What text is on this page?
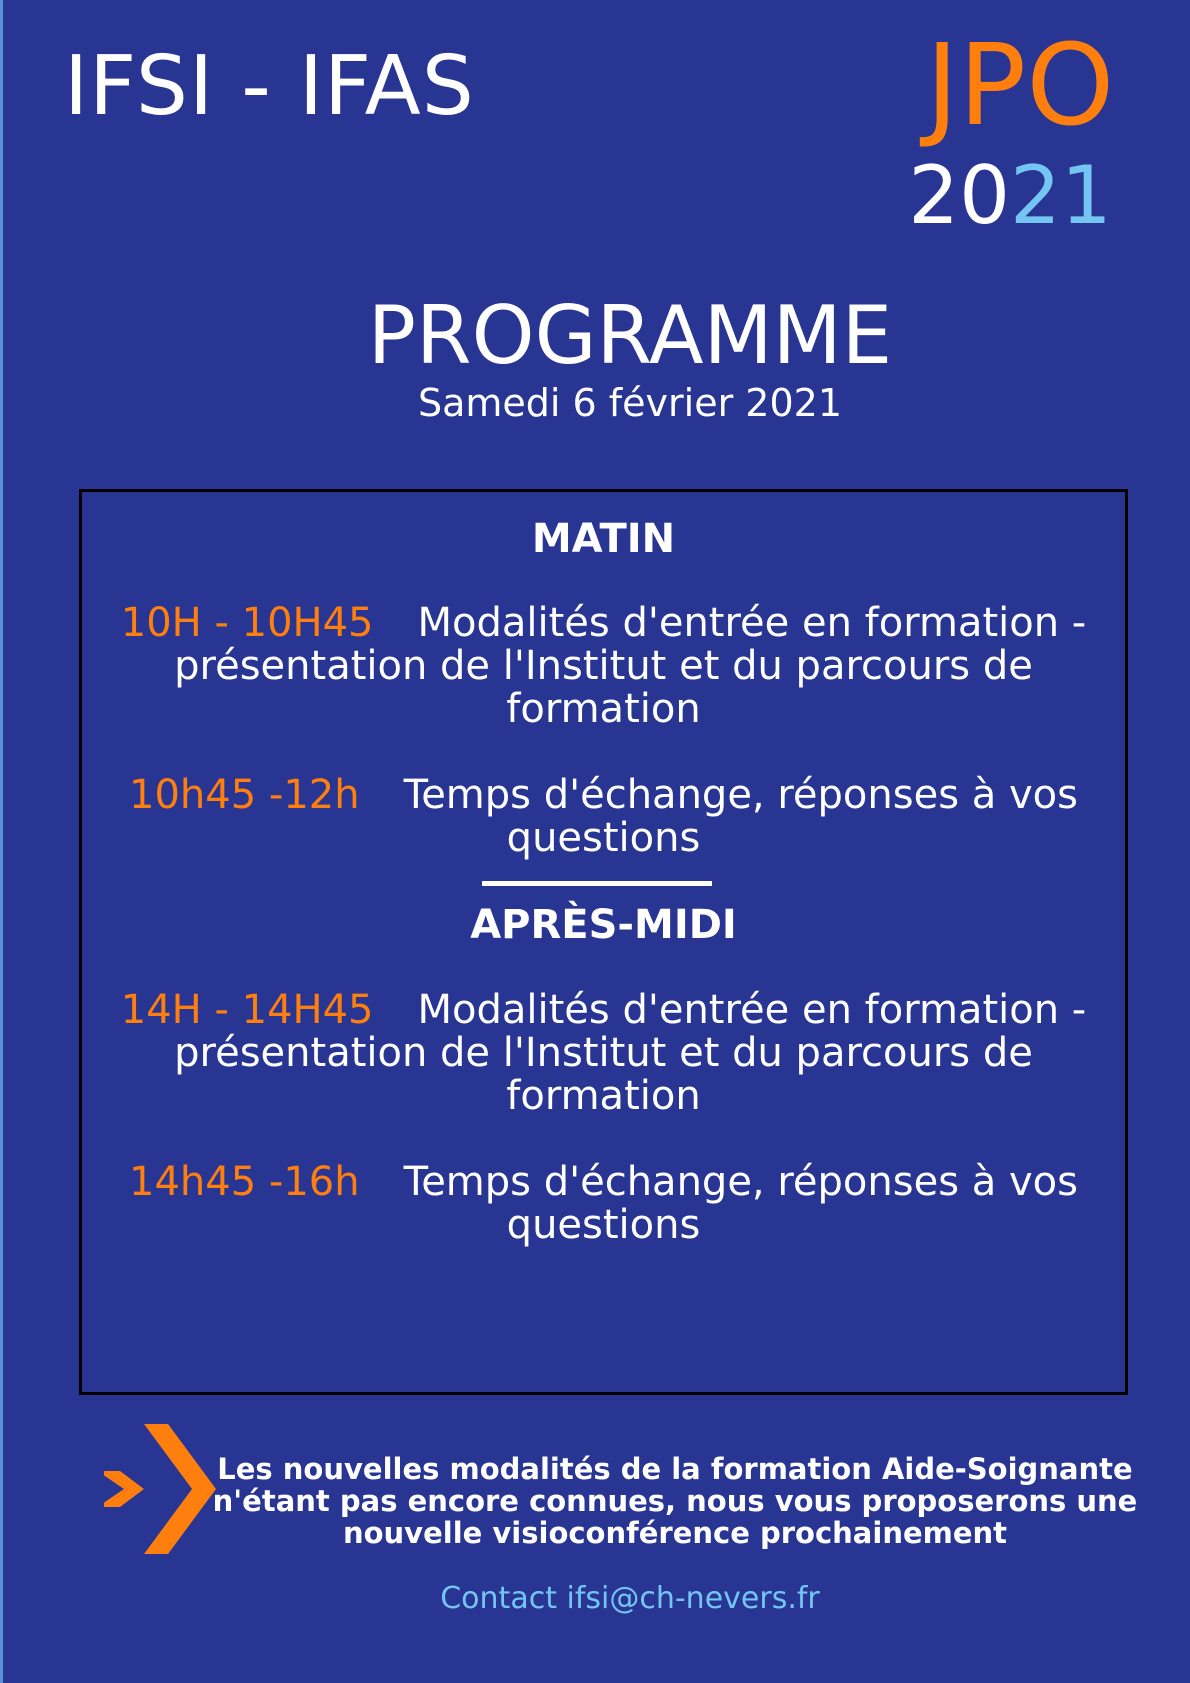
IFSI - IFAS	JPO
2021
PROGRAMME
Samedi 6 février 2021
MATIN
10H - 10H45 Modalités d'entrée en formation - présentation de l'Institut et du parcours de formation
10h45 -12h Temps d'échange, réponses à vos questions
APRÈS-MIDI
14H - 14H45 Modalités d'entrée en formation - présentation de l'Institut et du parcours de formation
14h45 -16h Temps d'échange, réponses à vos questions
Les nouvelles modalités de la formation Aide-Soignante
n'étant pas encore connues, nous vous proposerons une
nouvelle visioconférence prochainement
Contact ifsi@ch-nevers.fr
